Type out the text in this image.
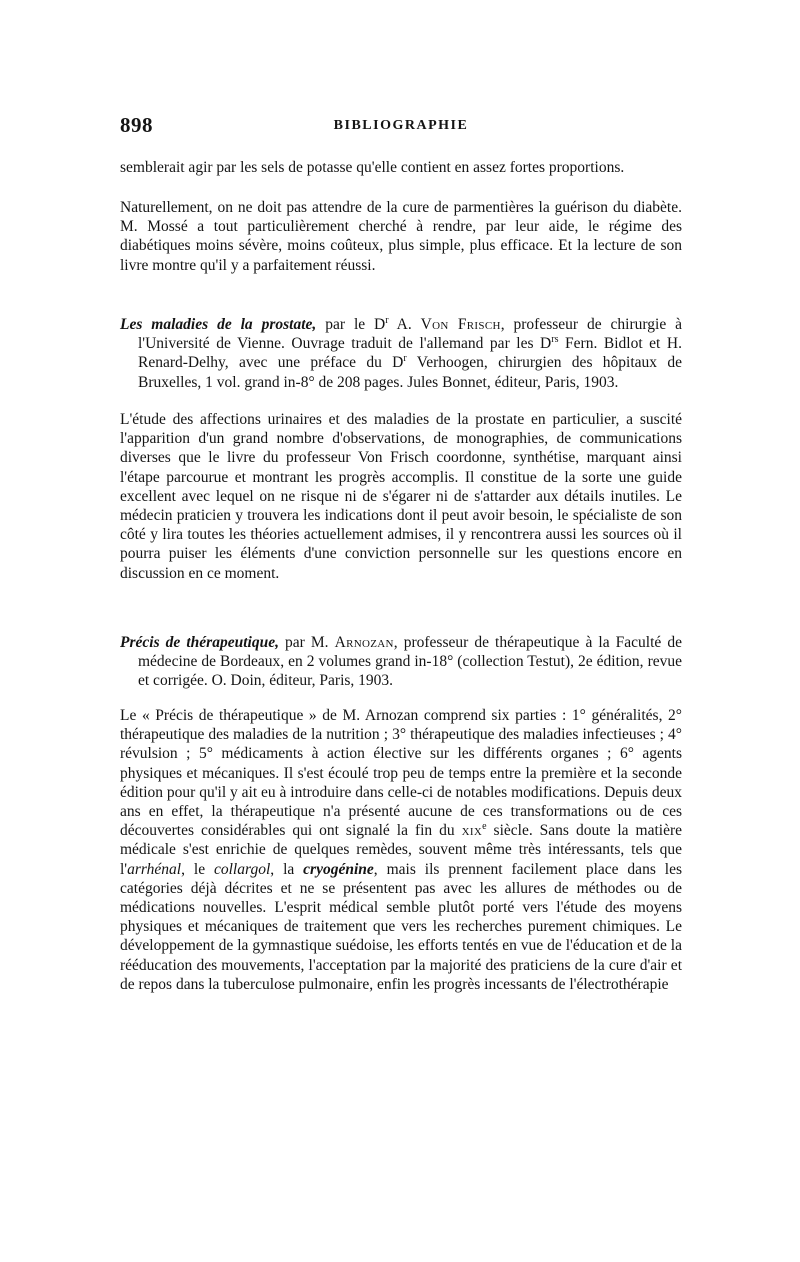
898	BIBLIOGRAPHIE

semblerait agir par les sels de potasse qu'elle contient en assez fortes proportions.

Naturellement, on ne doit pas attendre de la cure de parmentières la guérison du diabète. M. Mossé a tout particulièrement cherché à rendre, par leur aide, le régime des diabétiques moins sévère, moins coûteux, plus simple, plus efficace. Et la lecture de son livre montre qu'il y a parfaitement réussi.

Les maladies de la prostate, par le $D^r$ A. Von Frisch, professeur de chirurgie à l'Université de Vienne. Ouvrage traduit de l'allemand par les $D^{rs}$ Fern. Bidlot et H. Renard-Delhy, avec une préface du $D^r$ Verhoogen, chirurgien des hôpitaux de Bruxelles, 1 vol. grand in-8° de 208 pages. Jules Bonnet, éditeur, Paris, 1903.

L'étude des affections urinaires et des maladies de la prostate en particulier, a suscité l'apparition d'un grand nombre d'observations, de monographies, de communications diverses que le livre du professeur Von Frisch coordonne, synthétise, marquant ainsi l'étape parcourue et montrant les progrès accomplis. Il constitue de la sorte une guide excellent avec lequel on ne risque ni de s'égarer ni de s'attarder aux détails inutiles. Le médecin praticien y trouvera les indications dont il peut avoir besoin, le spécialiste de son côté y lira toutes les théories actuellement admises, il y rencontrera aussi les sources où il pourra puiser les éléments d'une conviction personnelle sur les questions encore en discussion en ce moment.

Précis de thérapeutique, par M. Arnozan, professeur de thérapeutique à la Faculté de médecine de Bordeaux, en 2 volumes grand in-18° (collection Testut), 2e édition, revue et corrigée. O. Doin, éditeur, Paris, 1903.

Le « Précis de thérapeutique » de M. Arnozan comprend six parties : 1° généralités, 2° thérapeutique des maladies de la nutrition ; 3° thérapeutique des maladies infectieuses ; 4° révulsion ; 5° médicaments à action élective sur les différents organes ; 6° agents physiques et mécaniques. Il s'est écoulé trop peu de temps entre la première et la seconde édition pour qu'il y ait eu à introduire dans celle-ci de notables modifications. Depuis deux ans en effet, la thérapeutique n'a présenté aucune de ces transformations ou de ces découvertes considérables qui ont signalé la fin du xix$^e$ siècle. Sans doute la matière médicale s'est enrichie de quelques remèdes, souvent même très intéressants, tels que l'arrhénal, le collargol, la cryogénine, mais ils prennent facilement place dans les catégories déjà décrites et ne se présentent pas avec les allures de méthodes ou de médications nouvelles. L'esprit médical semble plutôt porté vers l'étude des moyens physiques et mécaniques de traitement que vers les recherches purement chimiques. Le développement de la gymnastique suédoise, les efforts tentés en vue de l'éducation et de la rééducation des mouvements, l'acceptation par la majorité des praticiens de la cure d'air et de repos dans la tuberculose pulmonaire, enfin les progrès incessants de l'électrothérapie
